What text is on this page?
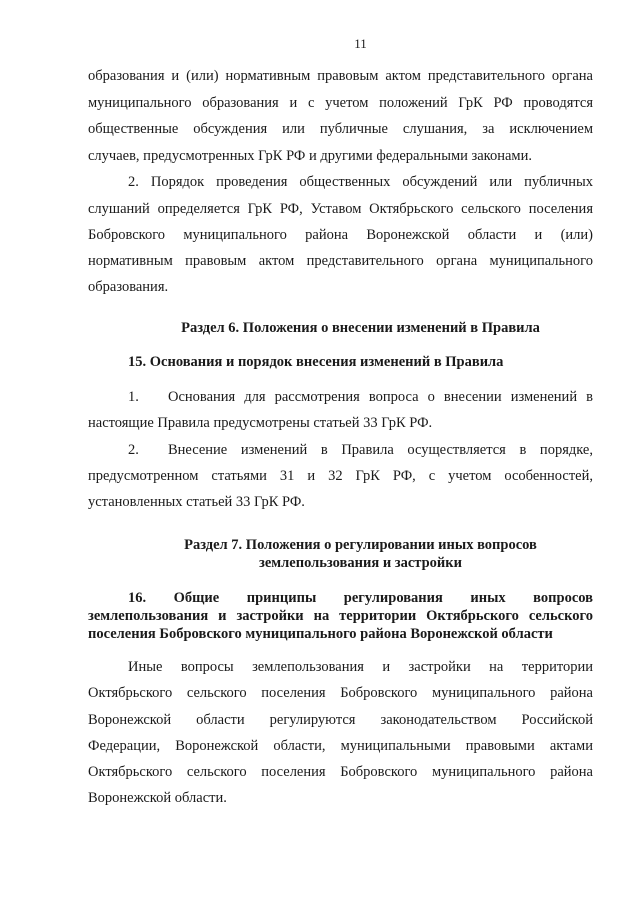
11
образования и (или) нормативным правовым актом представительного органа
муниципального образования и с учетом положений ГрК РФ проводятся
общественные обсуждения или публичные слушания, за исключением
случаев, предусмотренных ГрК РФ и другими федеральными законами.
2. Порядок проведения общественных обсуждений или публичных
слушаний определяется ГрК РФ, Уставом Октябрьского сельского поселения
Бобровского муниципального района Воронежской области и (или)
нормативным правовым актом представительного органа муниципального
образования.
Раздел 6. Положения о внесении изменений в Правила
15. Основания и порядок внесения изменений в Правила
1.	Основания для рассмотрения вопроса о внесении изменений в
настоящие Правила предусмотрены статьей 33 ГрК РФ.
2.	Внесение изменений в Правила осуществляется в порядке,
предусмотренном статьями 31 и 32 ГрК РФ, с учетом особенностей,
установленных статьей 33 ГрК РФ.
Раздел 7. Положения о регулировании иных вопросов
землепользования и застройки
16. Общие принципы регулирования иных вопросов
землепользования и застройки на территории Октябрьского сельского
поселения Бобровского муниципального района Воронежской области
Иные вопросы землепользования и застройки на территории
Октябрьского сельского поселения Бобровского муниципального района
Воронежской области регулируются законодательством Российской
Федерации, Воронежской области, муниципальными правовыми актами
Октябрьского сельского поселения Бобровского муниципального района
Воронежской области.
